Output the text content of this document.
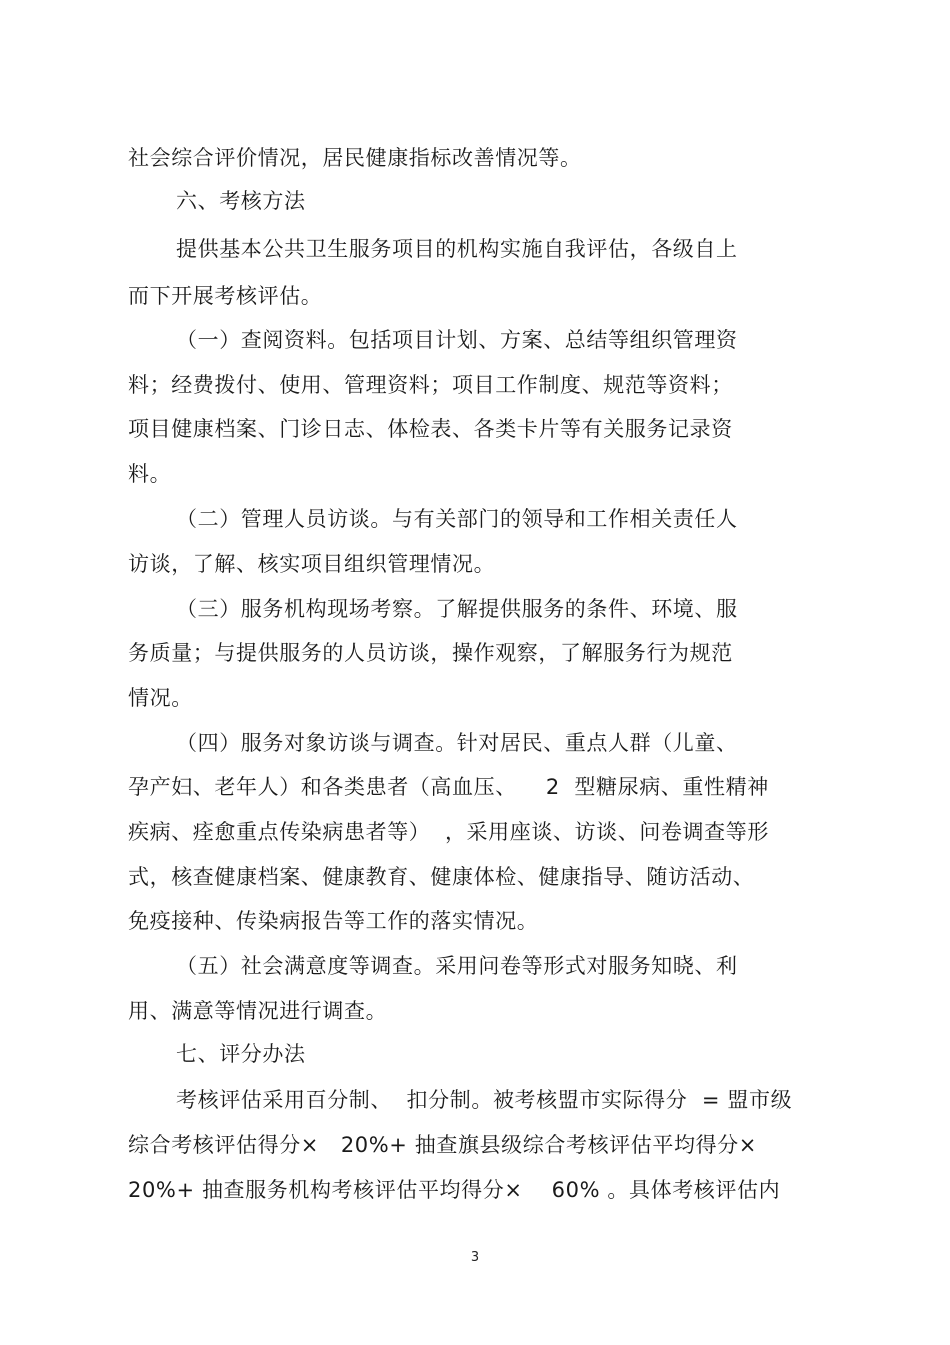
社会综合评价情况，居民健康指标改善情况等。
六、考核方法
提供基本公共卫生服务项目的机构实施自我评估，各级自上
而下开展考核评估。
（一）查阅资料。包括项目计划、方案、总结等组织管理资
料；经费拨付、使用、管理资料；项目工作制度、规范等资料；
项目健康档案、门诊日志、体检表、各类卡片等有关服务记录资
料。
（二）管理人员访谈。与有关部门的领导和工作相关责任人
访谈，了解、核实项目组织管理情况。
（三）服务机构现场考察。了解提供服务的条件、环境、服
务质量；与提供服务的人员访谈，操作观察，了解服务行为规范
情况。
（四）服务对象访谈与调查。针对居民、重点人群（儿童、
孕产妇、老年人）和各类患者（高血压、    2  型糖尿病、重性精神
疾病、痊愈重点传染病患者等）  ，采用座谈、访谈、问卷调查等形
式，核查健康档案、健康教育、健康体检、健康指导、随访活动、
免疫接种、传染病报告等工作的落实情况。
（五）社会满意度等调查。采用问卷等形式对服务知晓、利
用、满意等情况进行调查。
七、评分办法
考核评估采用百分制、  扣分制。被考核盟市实际得分  = 盟市级
综合考核评估得分×   20%+ 抽查旗县级综合考核评估平均得分×
20%+ 抽查服务机构考核评估平均得分×    60% 。具体考核评估内
3
